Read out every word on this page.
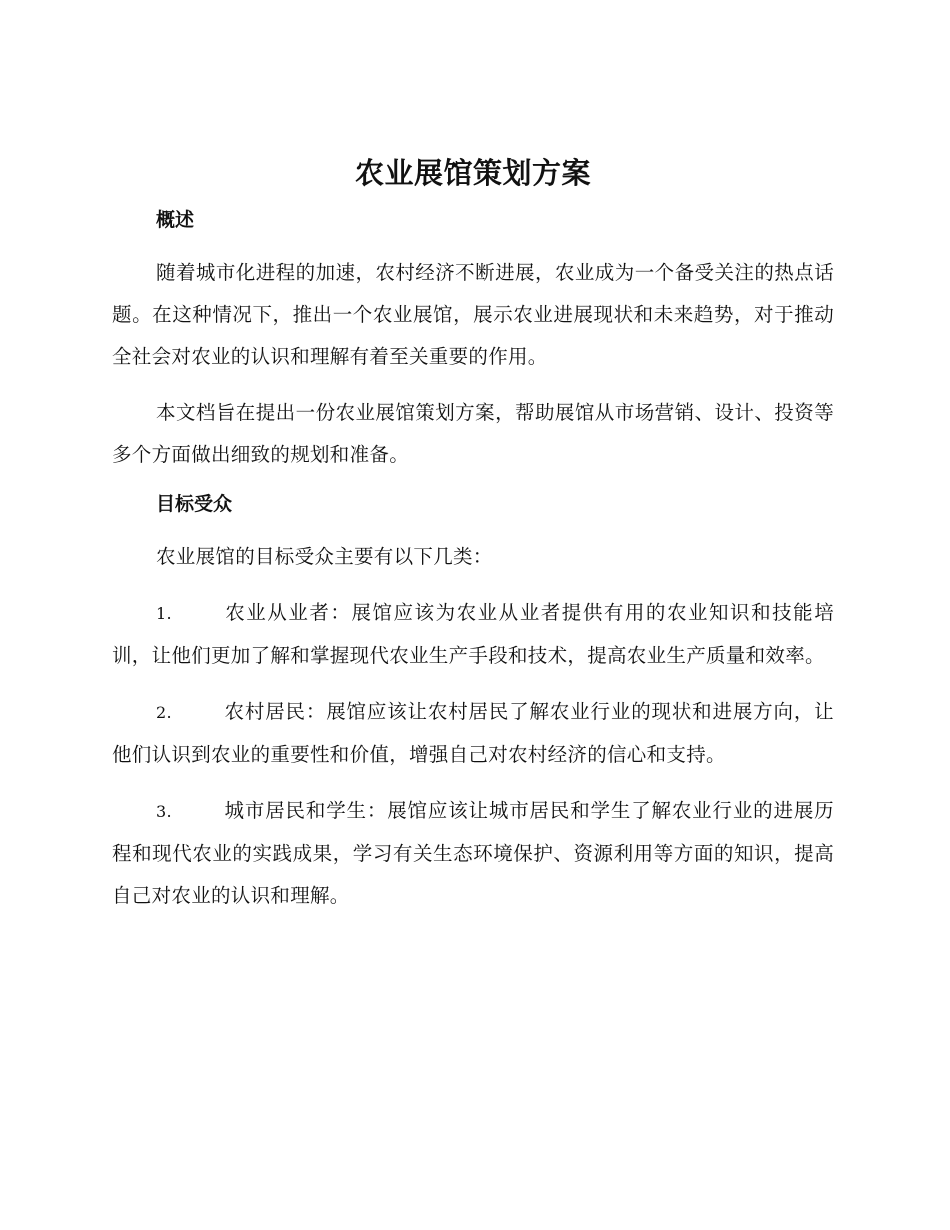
农业展馆策划方案
概述

随着城市化进程的加速，农村经济不断进展，农业成为一个备受关注的热点话题。在这种情况下，推出一个农业展馆，展示农业进展现状和未来趋势，对于推动全社会对农业的认识和理解有着至关重要的作用。

本文档旨在提出一份农业展馆策划方案，帮助展馆从市场营销、设计、投资等多个方面做出细致的规划和准备。

目标受众

农业展馆的目标受众主要有以下几类：

1.	农业从业者：展馆应该为农业从业者提供有用的农业知识和技能培训，让他们更加了解和掌握现代农业生产手段和技术，提高农业生产质量和效率。

2.	农村居民：展馆应该让农村居民了解农业行业的现状和进展方向，让他们认识到农业的重要性和价值，增强自己对农村经济的信心和支持。

3.	城市居民和学生：展馆应该让城市居民和学生了解农业行业的进展历程和现代农业的实践成果，学习有关生态环境保护、资源利用等方面的知识，提高自己对农业的认识和理解。
